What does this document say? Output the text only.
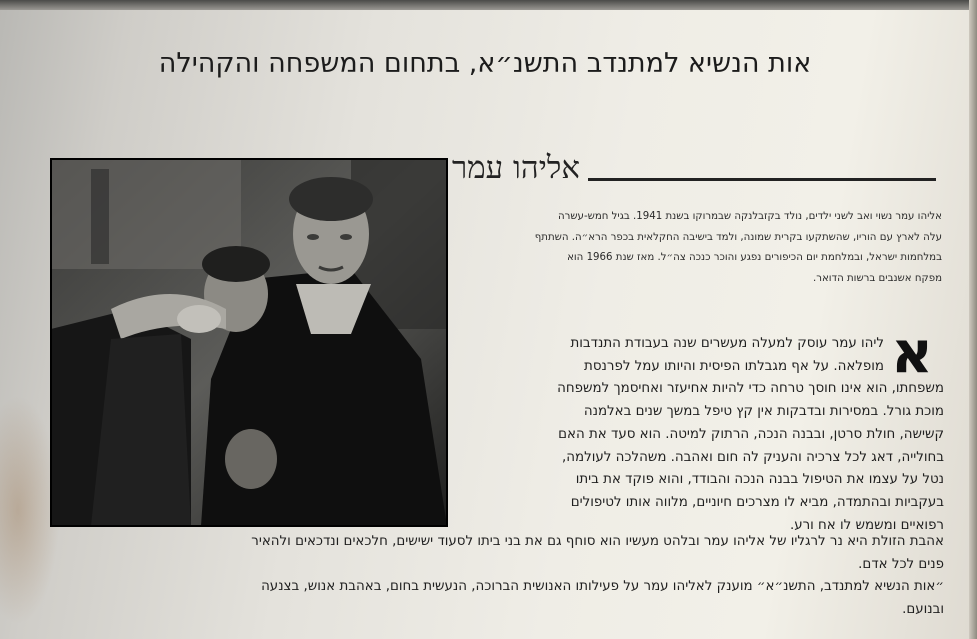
אות הנשיא למתנדב התשנ״א, בתחום המשפחה והקהילה
אליהו עמר
אליהו עמר נשוי ואב לשני ילדים, נולד בקזבלנקה שבמרוקו בשנת 1941. בגיל חמש-עשרה
עלה לארץ עם הוריו, שהשתקעו בקרית שמונה, ולמד בישיבה החקלאית בכפר הרא״ה. השתתף
במלחמות ישראל, ובמלחמת יום הכיפורים נפגע והוכר כנכה צה״ל. מאז שנת 1966 הוא
מפקח אשנבים ברשות הדואר.
א
ליהו עמר עוסק למעלה מעשרים שנה בעבודת התנדבות
מופלאה. על אף מגבלתו הפיסית והיותו עמל לפרנסת
משפחתו, הוא אינו חוסך טרחה כדי להיות אחיעזר ואחיסמך למשפחה
מוכת גורל. במסירות ובדבקות אין קץ טיפל במשך שנים באלמנה
קשישה, חולת סרטן, ובבנה הנכה, הרתוק למיטה. הוא סעד את האם
בחולייה, דאג לכל צרכיה והעניק לה חום ואהבה. משהלכה לעולמה,
נטל על עצמו את הטיפול בבנה הנכה והבודד, והוא פוקד את ביתו
בעקביות ובהתמדה, מביא לו מצרכים חיוניים, מלווה אותו לטיפולים
רפואיים ומשמש לו אח ורע.
אהבת הזולת היא נר לרגליו של אליהו עמר ובלהט מעשיו הוא סוחף גם את בני ביתו לסעוד ישישים, חלכאים ונדכאים ולהאיר
פנים לכל אדם.
״אות הנשיא למתנדב, התשנ״א״ מוענק לאליהו עמר על פעילותו האנושית הברוכה, הנעשית בחום, באהבת אנוש, בצנעה
ובנועם.
